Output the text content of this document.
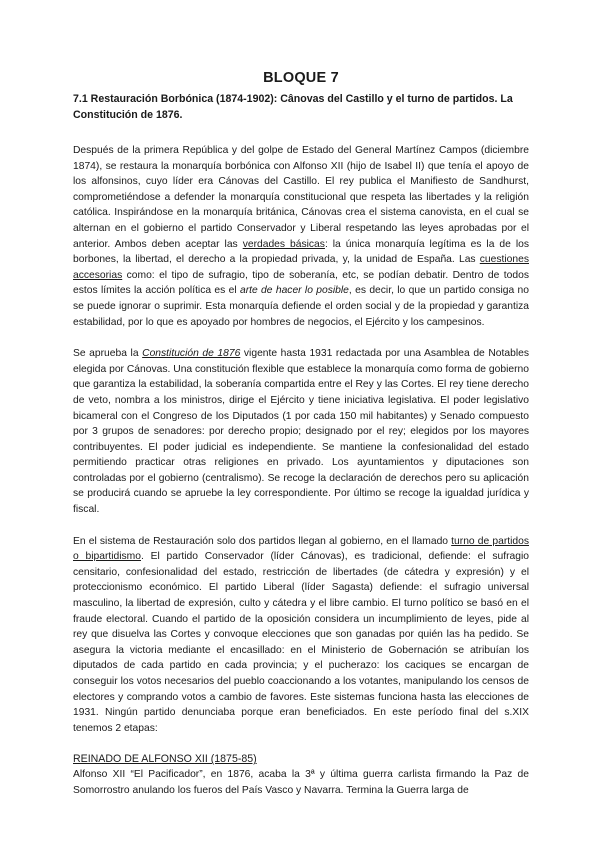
BLOQUE 7
7.1 Restauración Borbónica (1874-1902): Cânovas del Castillo y el turno de partidos. La Constitución de 1876.

Después de la primera República y del golpe de Estado del General Martínez Campos (diciembre 1874), se restaura la monarquía borbónica con Alfonso XII (hijo de Isabel II) que tenía el apoyo de los alfonsinos, cuyo líder era Cánovas del Castillo. El rey publica el Manifiesto de Sandhurst, comprometiéndose a defender la monarquía constitucional que respeta las libertades y la religión católica. Inspirándose en la monarquía británica, Cánovas crea el sistema canovista, en el cual se alternan en el gobierno el partido Conservador y Liberal respetando las leyes aprobadas por el anterior. Ambos deben aceptar las verdades básicas: la única monarquía legítima es la de los borbones, la libertad, el derecho a la propiedad privada, y, la unidad de España. Las cuestiones accesorias como: el tipo de sufragio, tipo de soberanía, etc, se podían debatir. Dentro de todos estos límites la acción política es el arte de hacer lo posible, es decir, lo que un partido consiga no se puede ignorar o suprimir. Esta monarquía defiende el orden social y de la propiedad y garantiza estabilidad, por lo que es apoyado por hombres de negocios, el Ejército y los campesinos.

Se aprueba la Constitución de 1876 vigente hasta 1931 redactada por una Asamblea de Notables elegida por Cánovas. Una constitución flexible que establece la monarquía como forma de gobierno que garantiza la estabilidad, la soberanía compartida entre el Rey y las Cortes. El rey tiene derecho de veto, nombra a los ministros, dirige el Ejército y tiene iniciativa legislativa. El poder legislativo bicameral con el Congreso de los Diputados (1 por cada 150 mil habitantes) y Senado compuesto por 3 grupos de senadores: por derecho propio; designado por el rey; elegidos por los mayores contribuyentes. El poder judicial es independiente. Se mantiene la confesionalidad del estado permitiendo practicar otras religiones en privado. Los ayuntamientos y diputaciones son controladas por el gobierno (centralismo). Se recoge la declaración de derechos pero su aplicación se producirá cuando se apruebe la ley correspondiente. Por último se recoge la igualdad jurídica y fiscal.

En el sistema de Restauración solo dos partidos llegan al gobierno, en el llamado turno de partidos o bipartidismo. El partido Conservador (líder Cánovas), es tradicional, defiende: el sufragio censitario, confesionalidad del estado, restricción de libertades (de cátedra y expresión) y el proteccionismo económico. El partido Liberal (líder Sagasta) defiende: el sufragio universal masculino, la libertad de expresión, culto y cátedra y el libre cambio. El turno político se basó en el fraude electoral. Cuando el partido de la oposición considera un incumplimiento de leyes, pide al rey que disuelva las Cortes y convoque elecciones que son ganadas por quién las ha pedido. Se asegura la victoria mediante el encasillado: en el Ministerio de Gobernación se atribuían los diputados de cada partido en cada provincia; y el pucherazo: los caciques se encargan de conseguir los votos necesarios del pueblo coaccionando a los votantes, manipulando los censos de electores y comprando votos a cambio de favores. Este sistemas funciona hasta las elecciones de 1931. Ningún partido denunciaba porque eran beneficiados. En este período final del s.XIX tenemos 2 etapas:

REINADO DE ALFONSO XII (1875-85)

Alfonso XII “El Pacificador”, en 1876, acaba la 3ª y última guerra carlista firmando la Paz de Somorrostro anulando los fueros del País Vasco y Navarra. Termina la Guerra larga de
